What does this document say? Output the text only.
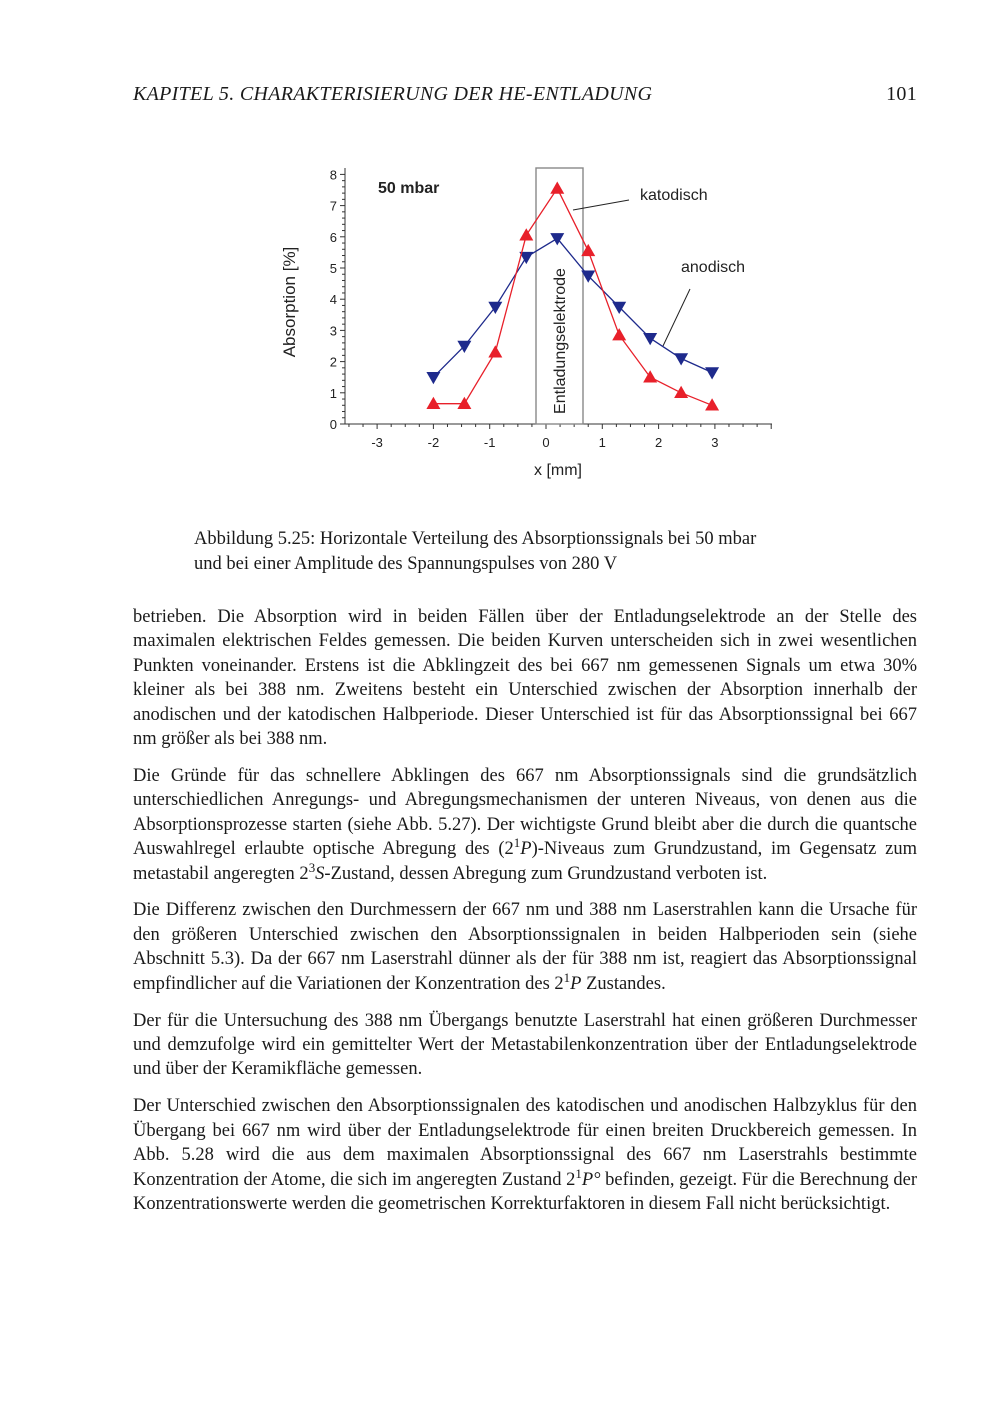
KAPITEL 5. CHARAKTERISIERUNG DER HE-ENTLADUNG	101
0
1
2
3
4
5
6
7
8
-3	-2	-1	0	1	2	3
Absorption [%]
x [mm]
Entladungselektrode
50 mbar	katodisch
anodisch
Abbildung 5.25: Horizontale Verteilung des Absorptionssignals bei 50 mbar
und bei einer Amplitude des Spannungspulses von 280 V

betrieben. Die Absorption wird in beiden Fällen über der Entladungselektrode an der Stelle des maximalen elektrischen Feldes gemessen. Die beiden Kurven unterscheiden sich in zwei wesentlichen Punkten voneinander. Erstens ist die Abklingzeit des bei 667 nm gemessenen Signals um etwa 30% kleiner als bei 388 nm. Zweitens besteht ein Unterschied zwischen der Absorption innerhalb der anodischen und der katodischen Halbperiode. Dieser Unterschied ist für das Absorptionssignal bei 667 nm größer als bei 388 nm.

Die Gründe für das schnellere Abklingen des 667 nm Absorptionssignals sind die grundsätzlich unterschiedlichen Anregungs- und Abregungsmechanismen der unteren Niveaus, von denen aus die Absorptionsprozesse starten (siehe Abb. 5.27). Der wichtigste Grund bleibt aber die durch die quantsche Auswahlregel erlaubte optische Abregung des $(2^1P)$-Niveaus zum Grundzustand, im Gegensatz zum metastabil angeregten $2^3S$-Zustand, dessen Abregung zum Grundzustand verboten ist.

Die Differenz zwischen den Durchmessern der 667 nm und 388 nm Laserstrahlen kann die Ursache für den größeren Unterschied zwischen den Absorptionssignalen in beiden Halbperioden sein (siehe Abschnitt 5.3). Da der 667 nm Laserstrahl dünner als der für 388 nm ist, reagiert das Absorptionssignal empfindlicher auf die Variationen der Konzentration des $2^1P$ Zustandes.

Der für die Untersuchung des 388 nm Übergangs benutzte Laserstrahl hat einen größeren Durchmesser und demzufolge wird ein gemittelter Wert der Metastabilenkonzentration über der Entladungselektrode und über der Keramikfläche gemessen.

Der Unterschied zwischen den Absorptionssignalen des katodischen und anodischen Halbzyklus für den Übergang bei 667 nm wird über der Entladungselektrode für einen breiten Druckbereich gemessen. In Abb. 5.28 wird die aus dem maximalen Absorptionssignal des 667 nm Laserstrahls bestimmte Konzentration der Atome, die sich im angeregten Zustand $2^1P^\circ$ befinden, gezeigt. Für die Berechnung der Konzentrationswerte werden die geometrischen Korrekturfaktoren in diesem Fall nicht berücksichtigt.
